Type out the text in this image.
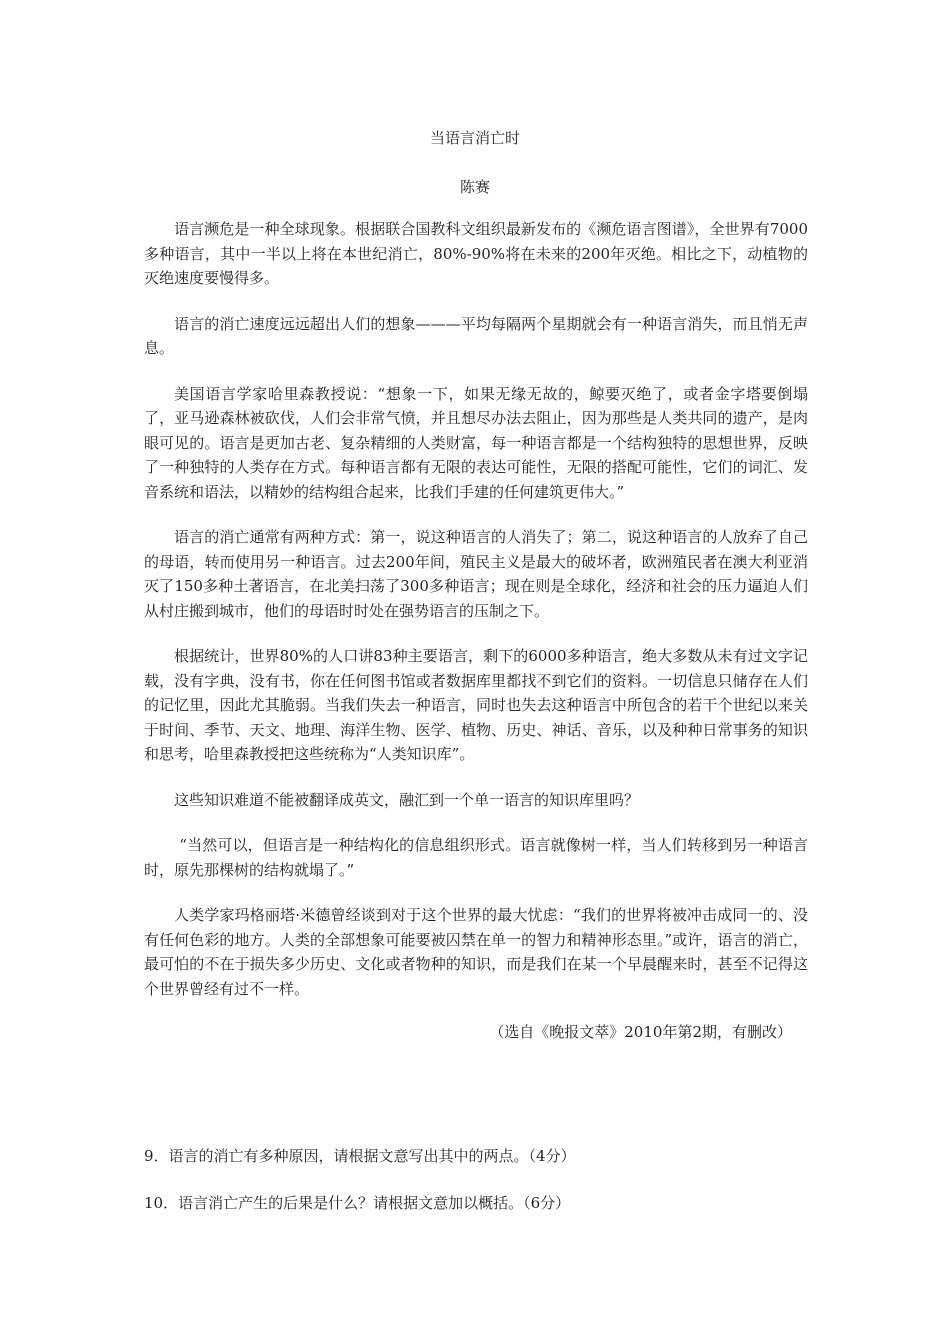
当语言消亡时
陈赛

语言濒危是一种全球现象。根据联合国教科文组织最新发布的《濒危语言图谱》，全世界有7000多种语言，其中一半以上将在本世纪消亡，80%-90%将在未来的200年灭绝。相比之下，动植物的灭绝速度要慢得多。

语言的消亡速度远远超出人们的想象———平均每隔两个星期就会有一种语言消失，而且悄无声息。

美国语言学家哈里森教授说：“想象一下，如果无缘无故的，鲸要灭绝了，或者金字塔要倒塌了，亚马逊森林被砍伐，人们会非常气愤，并且想尽办法去阻止，因为那些是人类共同的遗产，是肉眼可见的。语言是更加古老、复杂精细的人类财富，每一种语言都是一个结构独特的思想世界，反映了一种独特的人类存在方式。每种语言都有无限的表达可能性，无限的搭配可能性，它们的词汇、发音系统和语法，以精妙的结构组合起来，比我们手建的任何建筑更伟大。”

语言的消亡通常有两种方式：第一，说这种语言的人消失了；第二，说这种语言的人放弃了自己的母语，转而使用另一种语言。过去200年间，殖民主义是最大的破坏者，欧洲殖民者在澳大利亚消灭了150多种土著语言，在北美扫荡了300多种语言；现在则是全球化，经济和社会的压力逼迫人们从村庄搬到城市，他们的母语时时处在强势语言的压制之下。

根据统计，世界80%的人口讲83种主要语言，剩下的6000多种语言，绝大多数从未有过文字记载，没有字典，没有书，你在任何图书馆或者数据库里都找不到它们的资料。一切信息只储存在人们的记忆里，因此尤其脆弱。当我们失去一种语言，同时也失去这种语言中所包含的若干个世纪以来关于时间、季节、天文、地理、海洋生物、医学、植物、历史、神话、音乐，以及种种日常事务的知识和思考，哈里森教授把这些统称为“人类知识库”。

这些知识难道不能被翻译成英文，融汇到一个单一语言的知识库里吗？

“当然可以，但语言是一种结构化的信息组织形式。语言就像树一样，当人们转移到另一种语言时，原先那棵树的结构就塌了。”

人类学家玛格丽塔·米德曾经谈到对于这个世界的最大忧虑：“我们的世界将被冲击成同一的、没有任何色彩的地方。人类的全部想象可能要被囚禁在单一的智力和精神形态里。”或许，语言的消亡，最可怕的不在于损失多少历史、文化或者物种的知识，而是我们在某一个早晨醒来时，甚至不记得这个世界曾经有过不一样。

（选自《晚报文萃》2010年第2期，有删改）
9．语言的消亡有多种原因，请根据文意写出其中的两点。（4分）
10．语言消亡产生的后果是什么？请根据文意加以概括。（6分）
